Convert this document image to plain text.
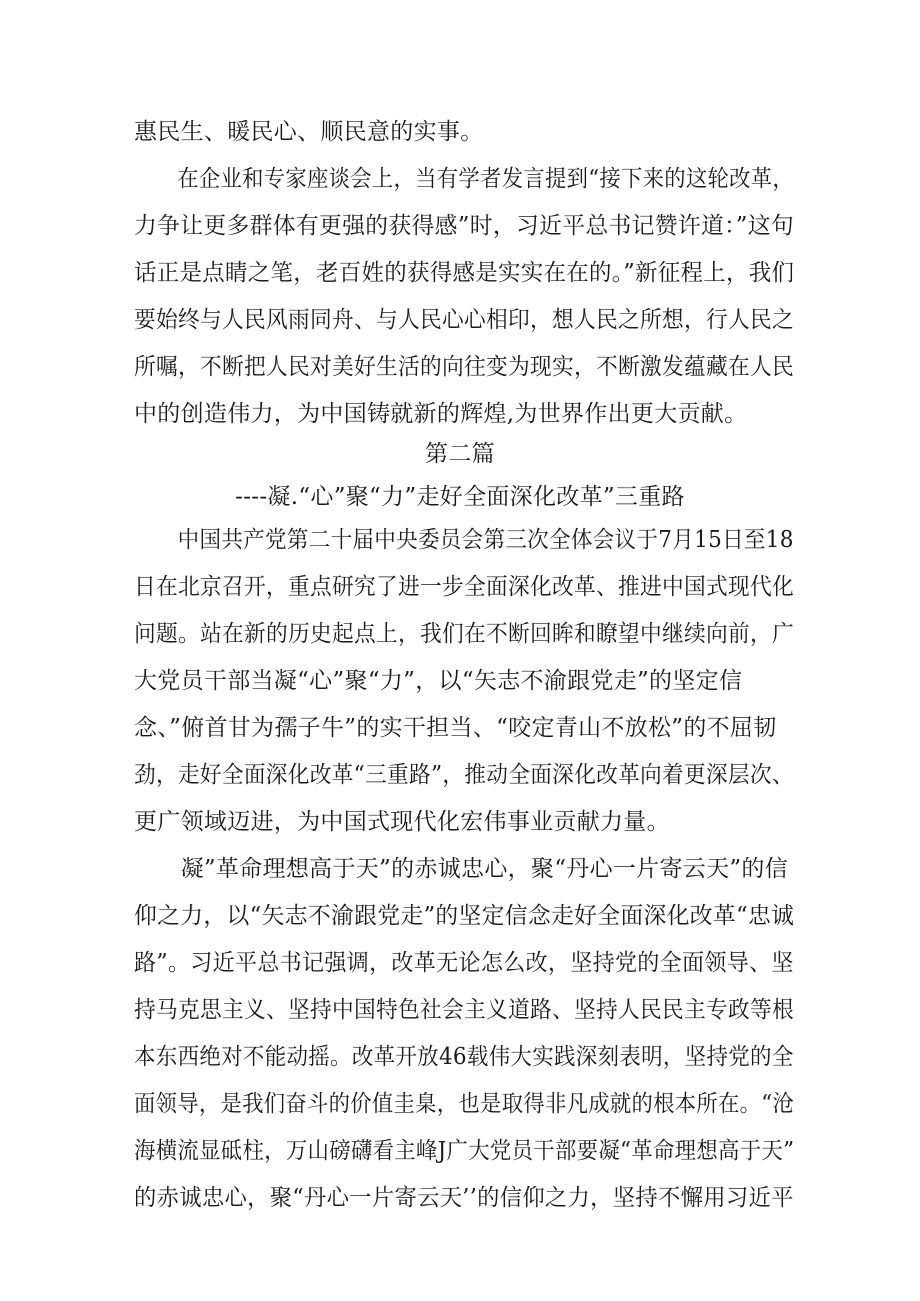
惠民生、暖民心、顺民意的实事。
　　在企业和专家座谈会上，当有学者发言提到“接下来的这轮改革，
力争让更多群体有更强的获得感”时，习近平总书记赞许道：”这句
话正是点睛之笔，老百姓的获得感是实实在在的。”新征程上，我们
要始终与人民风雨同舟、与人民心心相印，想人民之所想，行人民之
所嘱，不断把人民对美好生活的向往变为现实，不断激发蕴藏在人民
中的创造伟力，为中国铸就新的辉煌,为世界作出更大贡献。
第二篇
----凝.“心”聚“力”走好全面深化改革”三重路
　　中国共产党第二十届中央委员会第三次全体会议于7月15日至18
日在北京召开，重点研究了进一步全面深化改革、推进中国式现代化
问题。站在新的历史起点上，我们在不断回眸和瞭望中继续向前，广
大党员干部当凝“心”聚“力”，以“矢志不渝跟党走”的坚定信
念、”俯首甘为孺子牛”的实干担当、“咬定青山不放松”的不屈韧
劲，走好全面深化改革“三重路”，推动全面深化改革向着更深层次、
更广领域迈进，为中国式现代化宏伟事业贡献力量。
　　凝”革命理想高于天”的赤诚忠心，聚“丹心一片寄云天”的信
仰之力，以“矢志不渝跟党走”的坚定信念走好全面深化改革“忠诚
路”。习近平总书记强调，改革无论怎么改，坚持党的全面领导、坚
持马克思主义、坚持中国特色社会主义道路、坚持人民民主专政等根
本东西绝对不能动摇。改革开放46载伟大实践深刻表明，坚持党的全
面领导，是我们奋斗的价值圭臬，也是取得非凡成就的根本所在。“沧
海横流显砥柱，万山磅礴看主峰J广大党员干部要凝“革命理想高于天”
的赤诚忠心，聚“丹心一片寄云天’’的信仰之力，坚持不懈用习近平
